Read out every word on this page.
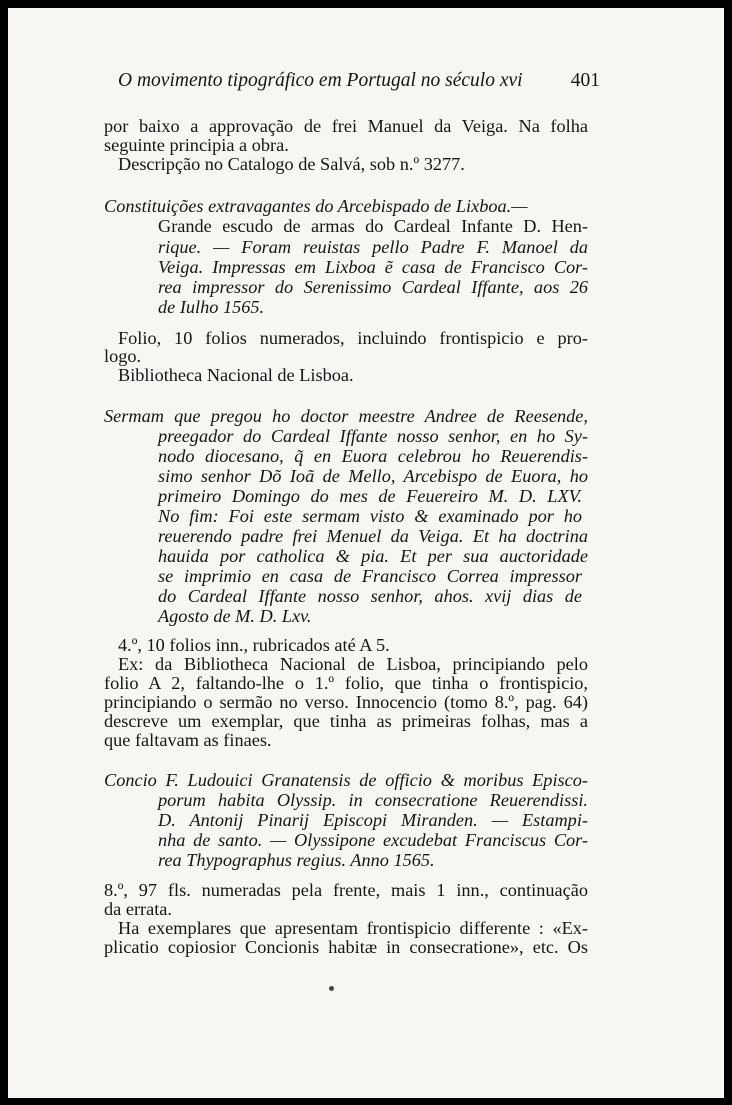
O movimento tipográfico em Portugal no século xvi 401
por baixo a approvação de frei Manuel da Veiga. Na folha
seguinte principia a obra.
Descripção no Catalogo de Salvá, sob n.º 3277.
Constituições extravagantes do Arcebispado de Lixboa.—
Grande escudo de armas do Cardeal Infante D. Hen-
rique. — Foram reuistas pello Padre F. Manoel da
Veiga. Impressas em Lixboa ẽ casa de Francisco Cor-
rea impressor do Serenissimo Cardeal Iffante, aos 26
de Iulho 1565.
Folio, 10 folios numerados, incluindo frontispicio e pro-
logo.
Bibliotheca Nacional de Lisboa.
Sermam que pregou ho doctor meestre Andree de Reesende,
preegador do Cardeal Iffante nosso senhor, en ho Sy-
nodo diocesano, q̃ en Euora celebrou ho Reuerendis-
simo senhor Dõ Ioã de Mello, Arcebispo de Euora, ho
primeiro Domingo do mes de Feuereiro M. D. LXV.
No fim: Foi este sermam visto & examinado por ho
reuerendo padre frei Menuel da Veiga. Et ha doctrina
hauida por catholica & pia. Et per sua auctoridade
se imprimio en casa de Francisco Correa impressor
do Cardeal Iffante nosso senhor, ahos. xvij dias de
Agosto de M. D. Lxv.
4.º, 10 folios inn., rubricados até A 5.
Ex: da Bibliotheca Nacional de Lisboa, principiando pelo
folio A 2, faltando-lhe o 1.º folio, que tinha o frontispicio,
principiando o sermão no verso. Innocencio (tomo 8.º, pag. 64)
descreve um exemplar, que tinha as primeiras folhas, mas a
que faltavam as finaes.
Concio F. Ludouici Granatensis de officio & moribus Episco-
porum habita Olyssip. in consecratione Reuerendissi.
D. Antonij Pinarij Episcopi Miranden. — Estampi-
nha de santo. — Olyssipone excudebat Franciscus Cor-
rea Thypographus regius. Anno 1565.
8.º, 97 fls. numeradas pela frente, mais 1 inn., continuação
da errata.
Ha exemplares que apresentam frontispicio differente : «Ex-
plicatio copiosior Concionis habitæ in consecratione», etc. Os
